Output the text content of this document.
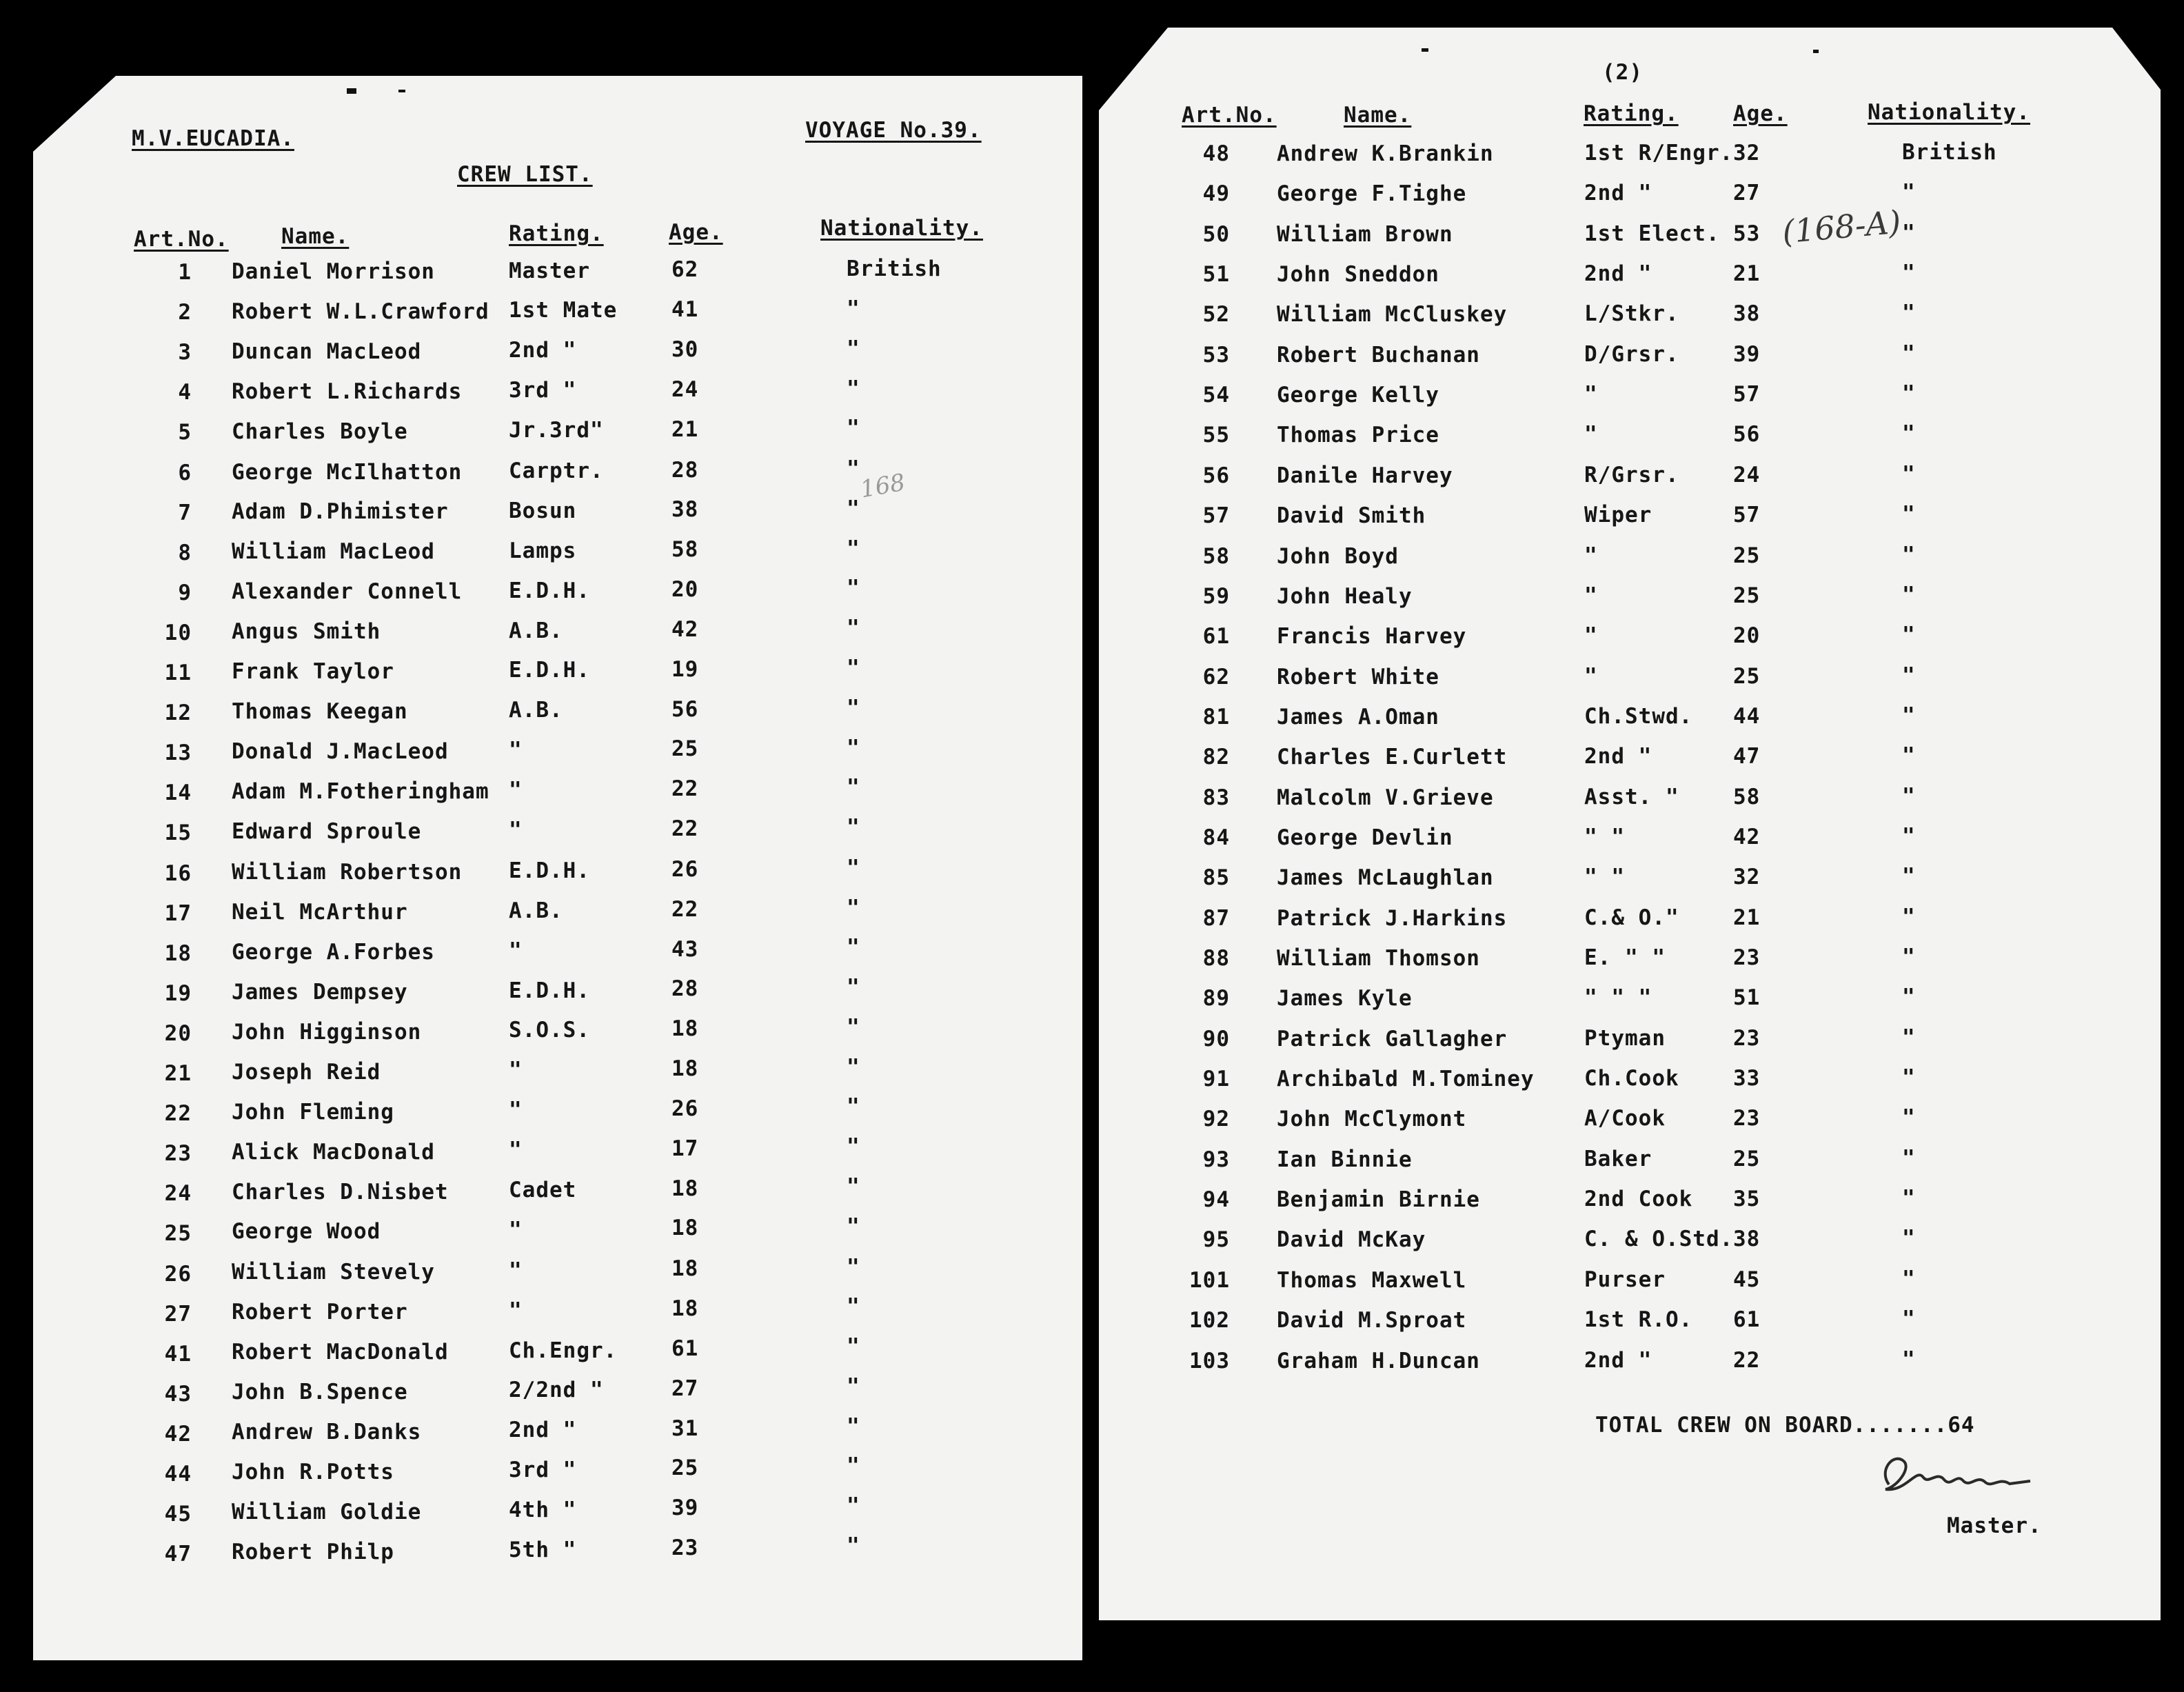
M.V.EUCADIA.	VOYAGE No.39.
CREW LIST.
Art.No. Name.	Rating.	Age.	Nationality.
168
1 Daniel Morrison	Master	62	British
2 Robert W.L.Crawford 1st Mate	41	"
3 Duncan MacLeod	2nd "	30	"
4 Robert L.Richards 3rd "	24	"
5 Charles Boyle	Jr.3rd"	21	"
6 George McIlhatton Carptr.	28	"
7 Adam D.Phimister	Bosun	38	"
8 William MacLeod	Lamps	58	"
9 Alexander Connell E.D.H.	20	"
10 Angus Smith	A.B.	42	"
11 Frank Taylor	E.D.H.	19	"
12 Thomas Keegan	A.B.	56	"
13 Donald J.MacLeod	"	25	"
14 Adam M.Fotheringham "	22	"
15 Edward Sproule	"	22	"
16 William Robertson E.D.H.	26	"
17 Neil McArthur	A.B.	22	"
18 George A.Forbes	"	43	"
19 James Dempsey	E.D.H.	28	"
20 John Higginson	S.O.S.	18	"
21 Joseph Reid	"	18	"
22 John Fleming	"	26	"
23 Alick MacDonald	"	17	"
24 Charles D.Nisbet	Cadet	18	"
25 George Wood	"	18	"
26 William Stevely	"	18	"
27 Robert Porter	"	18	"
41 Robert MacDonald	Ch.Engr.	61	"
43 John B.Spence	2/2nd "	27	"
42 Andrew B.Danks	2nd "	31	"
44 John R.Potts	3rd "	25	"
45 William Goldie	4th "	39	"
47 Robert Philp	5th "	23	"
(2)
Art.No.	Name.	Rating.	Age.	Nationality.
48 Andrew K.Brankin	1st R/Engr. 32	British
49 George F.Tighe	2nd "	27	"
50 William Brown	1st Elect. 53	"
51 John Sneddon	2nd "	21	"
52 William McCluskey	L/Stkr.	38	"
53 Robert Buchanan	D/Grsr.	39	"
54 George Kelly	"	57	"
55 Thomas Price	"	56	"
56 Danile Harvey	R/Grsr.	24	"
57 David Smith	Wiper	57	"
58 John Boyd	"	25	"
59 John Healy	"	25	"
61 Francis Harvey	"	20	"
62 Robert White	"	25	"
81 James A.Oman	Ch.Stwd. 44	"
82 Charles E.Curlett	2nd "	47	"
83 Malcolm V.Grieve	Asst. "	58	"
84 George Devlin	" "	42	"
85 James McLaughlan	" "	32	"
87 Patrick J.Harkins	C.& O."	21	"
88 William Thomson	E. " "	23	"
89 James Kyle	" " "	51	"
90 Patrick Gallagher	Ptyman	23	"
91 Archibald M.Tominey Ch.Cook	33	"
92 John McClymont	A/Cook	23	"
93 Ian Binnie	Baker	25	"
94 Benjamin Birnie	2nd Cook 35	"
95 David McKay	C. & O.Std. 38	"
101 Thomas Maxwell	Purser	45	"
102 David M.Sproat	1st R.O. 61	"
103 Graham H.Duncan	2nd "	22	"
TOTAL CREW ON BOARD.......64
Master.
(168-A)
